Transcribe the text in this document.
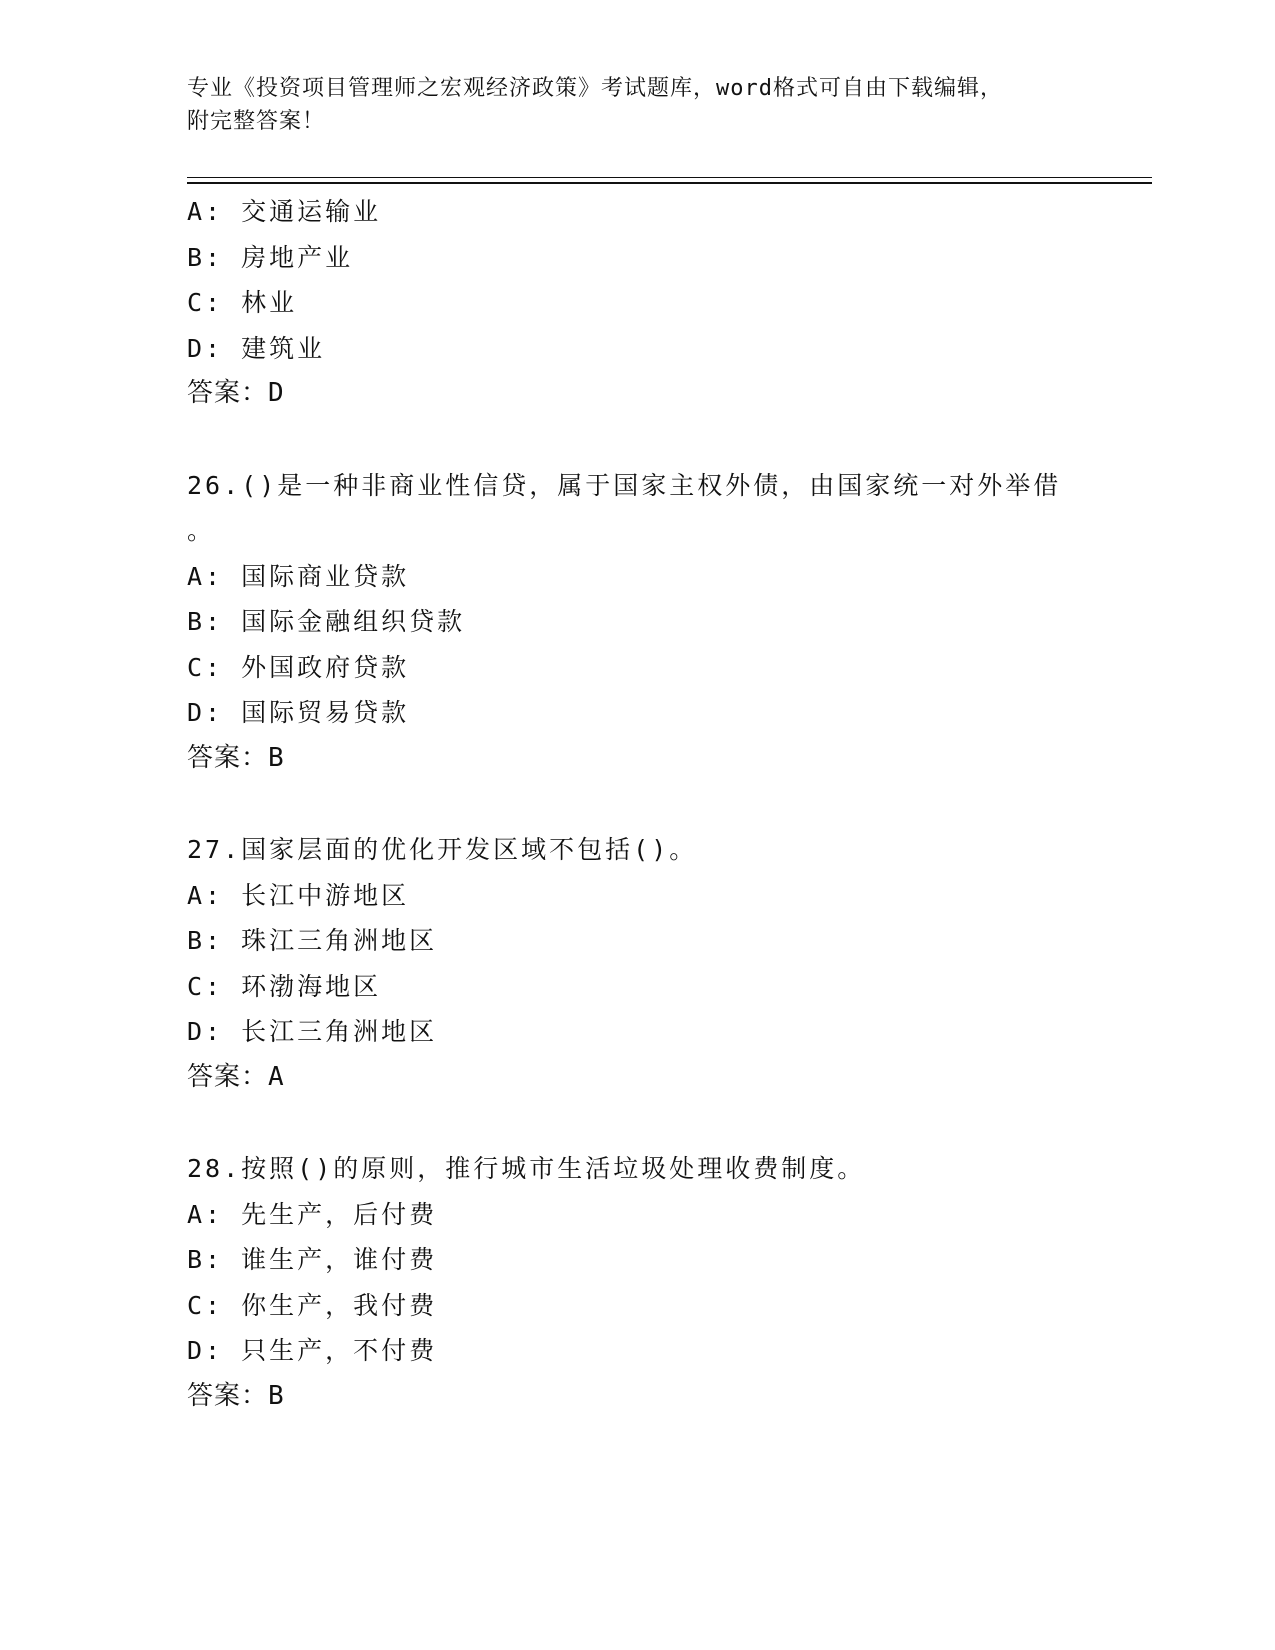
专业《投资项目管理师之宏观经济政策》考试题库，word格式可自由下载编辑，
附完整答案！
A: 交通运输业
B: 房地产业
C: 林业
D: 建筑业
答案：D
26.()是一种非商业性信贷，属于国家主权外债，由国家统一对外举借
。
A: 国际商业贷款
B: 国际金融组织贷款
C: 外国政府贷款
D: 国际贸易贷款
答案：B
27.国家层面的优化开发区域不包括()。
A: 长江中游地区
B: 珠江三角洲地区
C: 环渤海地区
D: 长江三角洲地区
答案：A
28.按照()的原则，推行城市生活垃圾处理收费制度。
A: 先生产，后付费
B: 谁生产，谁付费
C: 你生产，我付费
D: 只生产，不付费
答案：B
